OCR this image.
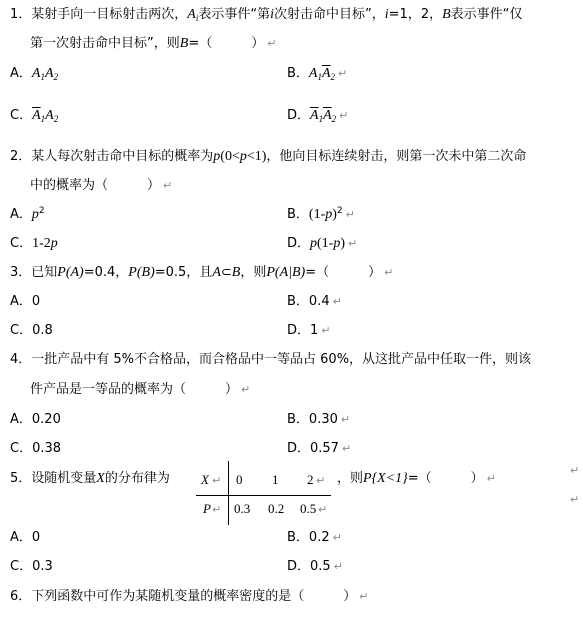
1．某射手向一目标射击两次，$A_i$表示事件“第i次射击命中目标”，i=1，2，B表示事件“仅
第一次射击命中目标”，则B=（　　　） ↵
A．$A_1A_2$	B．$A_1\overline{A}_2$ ↵
C．$\overline{A}_1A_2$	D．$\overline{A}_1\overline{A}_2$ ↵
2．某人每次射击命中目标的概率为p(0<p<1)，他向目标连续射击，则第一次未中第二次命
中的概率为（　　　） ↵
A．$p^2$	B．$(1-p)^2$ ↵
C．1-2p	D．p(1-p) ↵
3．已知P(A)=0.4，P(B)=0.5，且A⊂B，则P(A|B)=（　　　） ↵
A．0	B．0.4 ↵
C．0.8	D．1 ↵
4．一批产品中有 5%不合格品，而合格品中一等品占 60%，从这批产品中任取一件，则该
件产品是一等品的概率为（　　　） ↵
A．0.20	B．0.30 ↵
C．0.38	D．0.57 ↵
5．设随机变量X的分布律为 X ↵ 0 1 2 ↵ ，则P{X<1}=（　　　） ↵
↵
P ↵ 0.3 0.2 0.5 ↵
↵
A．0	B．0.2 ↵
C．0.3	D．0.5 ↵
6．下列函数中可作为某随机变量的概率密度的是（　　　） ↵
